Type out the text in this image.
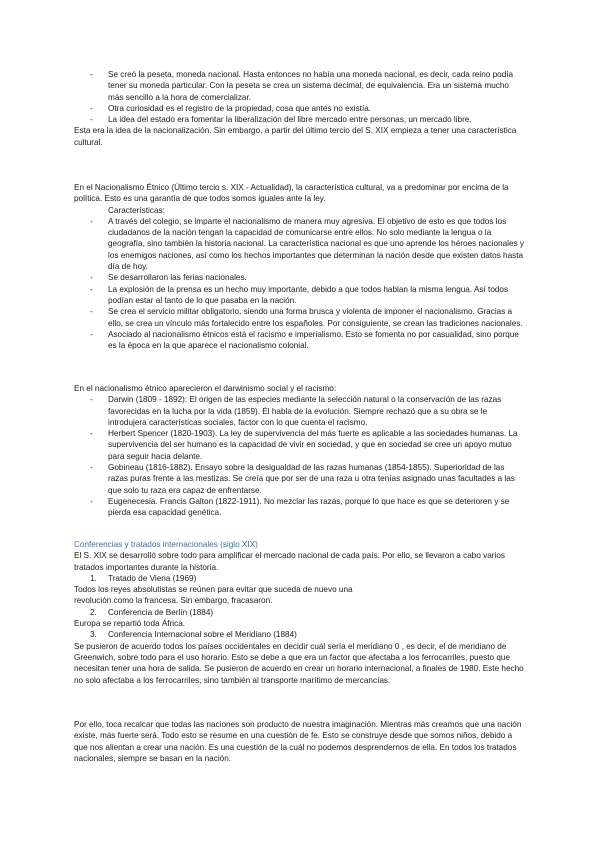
- Se creó la peseta, moneda nacional. Hasta entonces no había una moneda nacional, es decir, cada reino podía tener su moneda particular. Con la peseta se crea un sistema decimal, de equivalencia. Era un sistema mucho más sencillo a la hora de comercializar.

- Otra curiosidad es el registro de la propiedad, cosa que antes no existía.

- La idea del estado era fomentar la liberalización del libre mercado entre personas, un mercado libre.

Esta era la idea de la nacionalización. Sin embargo, a partir del último tercio del S. XIX empieza a tener una característica cultural.

En el Nacionalismo Étnico (Último tercio s. XIX - Actualidad), la característica cultural, va a predominar por encima de la política. Esto es una garantía de que todos somos iguales ante la ley.

Características:

- A través del colegio, se imparte el nacionalismo de manera muy agresiva. El objetivo de esto es que todos los ciudadanos de la nación tengan la capacidad de comunicarse entre ellos. No solo mediante la lengua o la geografía, sino también la historia nacional. La característica nacional es que uno aprende los héroes nacionales y los enemigos naciones, así como los hechos importantes que determinan la nación desde que existen datos hasta día de hoy.

- Se desarrollaron las ferias nacionales.

- La explosión de la prensa es un hecho muy importante, debido a que todos hablan la misma lengua. Así todos podían estar al tanto de lo que pasaba en la nación.

- Se crea el servicio militar obligatorio, siendo una forma brusca y violenta de imponer el nacionalismo. Gracias a ello, se crea un vínculo más fortalecido entre los españoles. Por consiguiente, se crean las tradiciones nacionales.

- Asociado al nacionalismo étnicos está el racismo e imperialismo. Esto se fomenta no por casualidad, sino porque es la época en la que aparece el nacionalismo colonial.

En el nacionalismo étnico aparecieron el darwinismo social y el racismo:

- Darwin (1809 - 1892): El origen de las especies mediante la selección natural o la conservación de las razas favorecidas en la lucha por la vida (1859). Él habla de la evolución. Siempre rechazó que a su obra se le introdujera características sociales, factor con lo que cuenta el racismo.

- Herbert Spencer (1820-1903). La ley de supervivencia del más fuerte es aplicable a las sociedades humanas. La supervivencia del ser humano es la capacidad de vivir en sociedad, y que en sociedad se cree un apoyo mutuo para seguir hacia delante.

- Gobineau (1816-1882). Ensayo sobre la desigualdad de las razas humanas (1854-1855). Superioridad de las razas puras frente a las mestizas. Se creía que por ser de una raza u otra tenías asignado unas facultades a las que solo tu raza era capaz de enfrentarse.

- Eugenecesia. Francis Galton (1822-1911). No mezclar las razas, porque lo que hace es que se deterioren y se pierda esa capacidad genética.

Conferencias y tratados internacionales (siglo XIX)

El S. XIX se desarrolló sobre todo para amplificar el mercado nacional de cada país. Por ello, se llevaron a cabo varios tratados importantes durante la historia.

1. Tratado de Viena (1969)

Todos los reyes absolutistas se reúnen para evitar que suceda de nuevo una revolución como la francesa. Sin embargo, fracasaron.

2. Conferencia de Berlín (1884)

Europa se repartió toda África.

3. Conferencia Internacional sobre el Meridiano (1884)

Se pusieron de acuerdo todos los países occidentales en decidir cuál sería el meridiano 0 , es decir, el de meridiano de Greenwich, sobre todo para el uso horario. Esto se debe a que era un factor que afectaba a los ferrocarriles, puesto que necesitan tener una hora de salida. Se pusieron de acuerdo en crear un horario internacional, a finales de 1980. Este hecho no solo afectaba a los ferrocarriles, sino también al transporte marítimo de mercancías.

Por ello, toca recalcar que todas las naciones son producto de nuestra imaginación. Mientras más creamos que una nación existe, más fuerte será. Todo esto se resume en una cuestión de fe. Esto se construye desde que somos niños, debido a que nos alientan a crear una nación. Es una cuestión de la cuál no podemos desprendernos de ella. En todos los tratados nacionales, siempre se basan en la nación.
